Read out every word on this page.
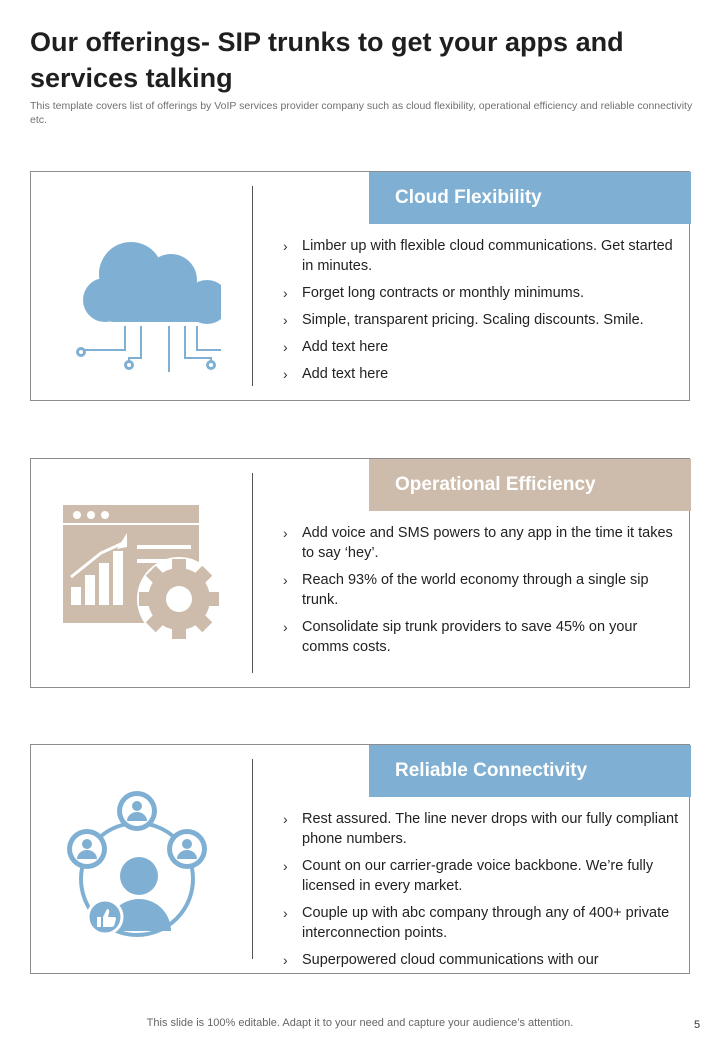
Our offerings- SIP trunks to get your apps and services talking

This template covers list of offerings by VoIP services provider company such as cloud flexibility, operational efficiency and reliable connectivity etc.

Cloud Flexibility
› Limber up with flexible cloud communications. Get started in minutes.
› Forget long contracts or monthly minimums.
› Simple, transparent pricing. Scaling discounts. Smile.
› Add text here
› Add text here
Operational Efficiency
› Add voice and SMS powers to any app in the time it takes to say ‘hey’.
› Reach 93% of the world economy through a single sip trunk.
› Consolidate sip trunk providers to save 45% on your comms costs.
Reliable Connectivity
› Rest assured. The line never drops with our fully compliant phone numbers.
› Count on our carrier-grade voice backbone. We’re fully licensed in every market.
› Couple up with abc company through any of 400+ private interconnection points.
› Superpowered cloud communications with our
This slide is 100% editable. Adapt it to your need and capture your audience’s attention.	5
